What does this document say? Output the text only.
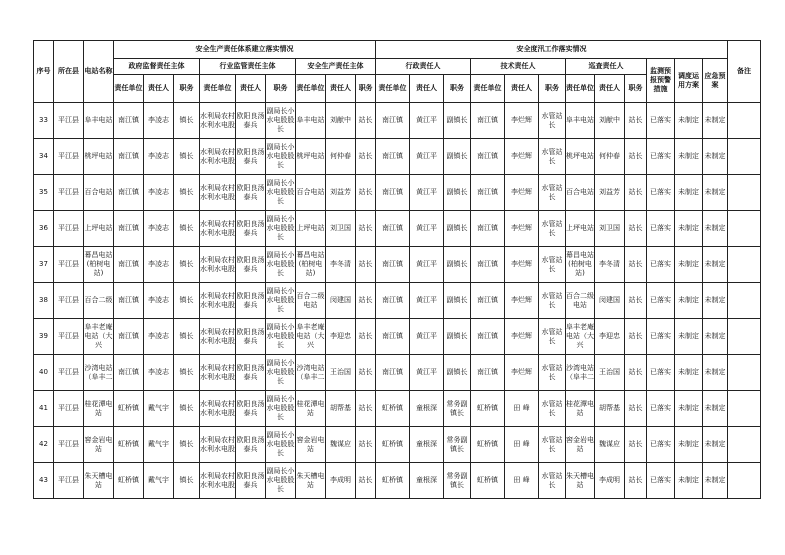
序号	所在县	电站名称	安全生产责任体系建立落实情况									安全度汛工作落实情况												备注
			政府监督责任主体			行业监管责任主体			安全生产责任主体			行政责任人			技术责任人			巡查责任人			监测预报预警措施	调度运用方案	应急预案	
			责任单位	责任人	职务	责任单位	责任人	职务	责任单位	责任人	职务	责任单位	责任人	职务	责任单位	责任人	职务	责任单位	责任人	职务				
33	平江县	阜丰电站	南江镇	李凌志	镇长	水利局农村水利水电股	欧阳良汤泰兵	副局长小水电股股长	阜丰电站	刘献中	站长	南江镇	黄江平	副镇长	南江镇	李烂辉	水管站长	阜丰电站	刘献中	站长	已落实	未制定	未制定	
34	平江县	桃坪电站	南江镇	李凌志	镇长	水利局农村水利水电股	欧阳良汤泰兵	副局长小水电股股长	桃坪电站	何仲春	站长	南江镇	黄江平	副镇长	南江镇	李烂辉	水管站长	桃坪电站	何仲春	站长	已落实	未制定	未制定	
35	平江县	百合电站	南江镇	李凌志	镇长	水利局农村水利水电股	欧阳良汤泰兵	副局长小水电股股长	百合电站	刘益芳	站长	南江镇	黄江平	副镇长	南江镇	李烂辉	水管站长	百合电站	刘益芳	站长	已落实	未制定	未制定	
36	平江县	上坪电站	南江镇	李凌志	镇长	水利局农村水利水电股	欧阳良汤泰兵	副局长小水电股股长	上坪电站	刘卫国	站长	南江镇	黄江平	副镇长	南江镇	李烂辉	水管站长	上坪电站	刘卫国	站长	已落实	未制定	未制定	
37	平江县	幕昌电站(柏树电站)	南江镇	李凌志	镇长	水利局农村水利水电股	欧阳良汤泰兵	副局长小水电股股长	幕昌电站(柏树电站)	李冬清	站长	南江镇	黄江平	副镇长	南江镇	李烂辉	水管站长	幕昌电站(柏树电站)	李冬清	站长	已落实	未制定	未制定	
38	平江县	百合二级	南江镇	李凌志	镇长	水利局农村水利水电股	欧阳良汤泰兵	副局长小水电股股长	百合二级电站	闵建国	站长	南江镇	黄江平	副镇长	南江镇	李烂辉	水管站长	百合二级电站	闵建国	站长	已落实	未制定	未制定	
39	平江县	阜丰老庵电站（大兴	南江镇	李凌志	镇长	水利局农村水利水电股	欧阳良汤泰兵	副局长小水电股股长	阜丰老庵电站（大兴	李迎忠	站长	南江镇	黄江平	副镇长	南江镇	李烂辉	水管站长	阜丰老庵电站（大兴	李迎忠	站长	已落实	未制定	未制定	
40	平江县	沙湾电站（阜丰二	南江镇	李凌志	镇长	水利局农村水利水电股	欧阳良汤泰兵	副局长小水电股股长	沙湾电站（阜丰二	王治国	站长	南江镇	黄江平	副镇长	南江镇	李烂辉	水管站长	沙湾电站（阜丰二	王治国	站长	已落实	未制定	未制定	
41	平江县	桂花潭电站	虹桥镇	戴气宇	镇长	水利局农村水利水电股	欧阳良汤泰兵	副局长小水电股股长	桂花潭电站	胡帮基	站长	虹桥镇	童根深	常务副镇长	虹桥镇	田 峰	水管站长	桂花潭电站	胡帮基	站长	已落实	未制定	未制定	
42	平江县	窖金岩电站	虹桥镇	戴气宇	镇长	水利局农村水利水电股	欧阳良汤泰兵	副局长小水电股股长	窖金岩电站	魏谋应	站长	虹桥镇	童根深	常务副镇长	虹桥镇	田 峰	水管站长	窖金岩电站	魏谋应	站长	已落实	未制定	未制定	
43	平江县	朱天槽电站	虹桥镇	戴气宇	镇长	水利局农村水利水电股	欧阳良汤泰兵	副局长小水电股股长	朱天槽电站	李成明	站长	虹桥镇	童根深	常务副镇长	虹桥镇	田 峰	水管站长	朱天槽电站	李成明	站长	已落实	未制定	未制定	
